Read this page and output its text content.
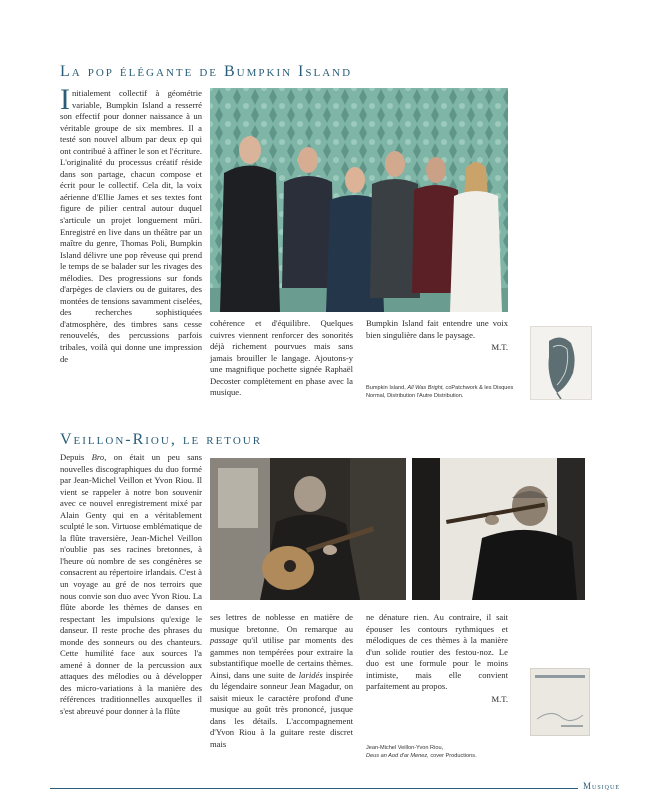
La pop élégante de Bumpkin Island
I nitialement collectif à géométrie variable, Bumpkin Island a resserré son effectif pour donner naissance à un véritable groupe de six membres. Il a testé son nouvel album par deux ep qui ont contribué à affiner le son et l'écriture. L'originalité du processus créatif réside dans son partage, chacun compose et écrit pour le collectif. Cela dit, la voix aérienne d'Ellie James et ses textes font figure de pilier central autour duquel s'articule un projet longuement mûri. Enregistré en live dans un théâtre par un maître du genre, Thomas Poli, Bumpkin Island délivre une pop rêveuse qui prend le temps de se balader sur les rivages des mélodies. Des progressions sur fonds d'arpèges de claviers ou de guitares, des montées de tensions savamment ciselées, des recherches sophistiquées d'atmosphère, des timbres sans cesse renouvelés, des percussions parfois tribales, voilà qui donne une impression de
cohérence et d'équilibre. Quelques cuivres viennent renforcer des sonorités déjà richement pourvues mais sans jamais brouiller le langage. Ajoutons-y une magnifique pochette signée Raphaël Decoster complètement en phase avec la musique.
Bumpkin Island fait entendre une voix bien singulière dans le paysage.
M.T.
Bumpkin Island, All Was Bright, coPatchwork & les Disques Normal, Distribution l'Autre Distribution.
Veillon-Riou, le retour
Depuis Bro, on était un peu sans nouvelles discographiques du duo formé par Jean-Michel Veillon et Yvon Riou. Il vient se rappeler à notre bon souvenir avec ce nouvel enregistrement mixé par Alain Genty qui en a véritablement sculpté le son. Virtuose emblématique de la flûte traversière, Jean-Michel Veillon n'oublie pas ses racines bretonnes, à l'heure où nombre de ses congénères se consacrent au répertoire irlandais. C'est à un voyage au gré de nos terroirs que nous convie son duo avec Yvon Riou. La flûte aborde les thèmes de danses en respectant les impulsions qu'exige le danseur. Il reste proche des phrases du monde des sonneurs ou des chanteurs. Cette humilité face aux sources l'a amené à donner de la percussion aux attaques des mélodies ou à développer des micro-variations à la manière des références traditionnelles auxquelles il s'est abreuvé pour donner à la flûte
ses lettres de noblesse en matière de musique bretonne. On remarque au passage qu'il utilise par moments des gammes non tempérées pour extraire la substantifique moelle de certains thèmes. Ainsi, dans une suite de laridés inspirée du légendaire sonneur Jean Magadur, on saisit mieux le caractère profond d'une musique au goût très prononcé, jusque dans les détails. L'accompagnement d'Yvon Riou à la guitare reste discret mais
ne dénature rien. Au contraire, il sait épouser les contours rythmiques et mélodiques de ces thèmes à la manière d'un solide routier des festou-noz. Le duo est une formule pour le moins intimiste, mais elle convient parfaitement au propos.
M.T.
Jean-Michel Veillon-Yvon Riou,
Deus an Aod d'ar Menez, cover Productions.
Musique
